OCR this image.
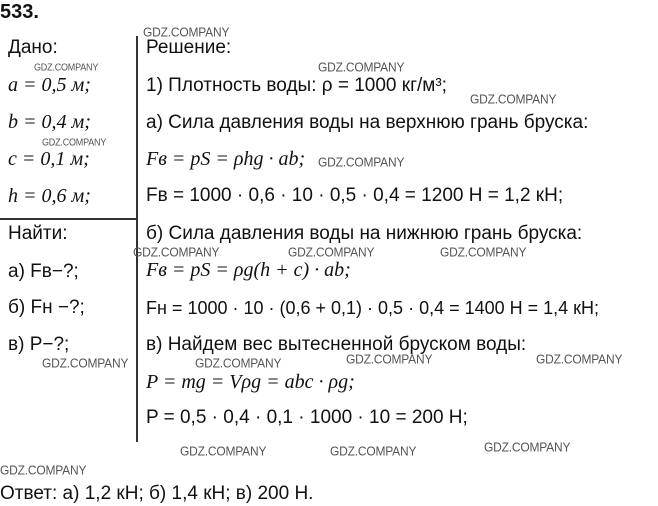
533.
Дано:
a = 0,5 м;
b = 0,4 м;
c = 0,1 м;
h = 0,6 м;
Найти:
а) Fв−?;
б) Fн −?;
в) P−?;
Решение:
1) Плотность воды: ρ = 1000 кг/м³;
а) Сила давления воды на верхнюю грань бруска:
Fв = pS = ρhg · ab;
Fв = 1000 · 0,6 · 10 · 0,5 · 0,4 = 1200 Н = 1,2 кН;
б) Сила давления воды на нижнюю грань бруска:
Fв = pS = ρg(h + c) · ab;
Fн = 1000 · 10 · (0,6 + 0,1) · 0,5 · 0,4 = 1400 Н = 1,4 кН;
в) Найдем вес вытесненной бруском воды:
P = mg = Vρg = abc · ρg;
P = 0,5 · 0,4 · 0,1 · 1000 · 10 = 200 Н;
Ответ: а) 1,2 кН; б) 1,4 кН; в) 200 Н.
GDZ.COMPANY
GDZ.COMPANY	GDZ.COMPANY
GDZ.COMPANY
GDZ.COMPANY
GDZ.COMPANY
GDZ.COMPANY	GDZ.COMPANY	GDZ.COMPANY
GDZ.COMPANY	GDZ.COMPANY	GDZ.COMPANY	GDZ.COMPANY
GDZ.COMPANY	GDZ.COMPANY	GDZ.COMPANY
GDZ.COMPANY
